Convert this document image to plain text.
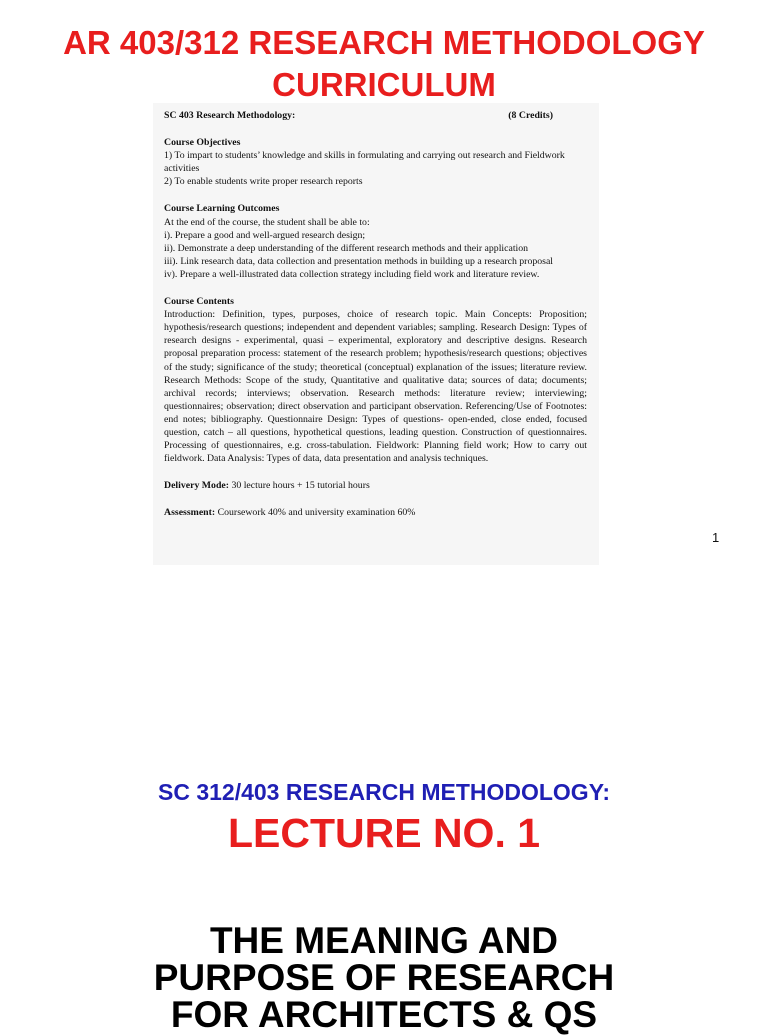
AR 403/312 RESEARCH METHODOLOGY
CURRICULUM

SC 403 Research Methodology:	(8 Credits)

Course Objectives

1) To impart to students’ knowledge and skills in formulating and carrying out research and Fieldwork activities

2) To enable students write proper research reports

Course Learning Outcomes

At the end of the course, the student shall be able to:

i). Prepare a good and well-argued research design;

ii). Demonstrate a deep understanding of the different research methods and their application

iii). Link research data, data collection and presentation methods in building up a research proposal

iv). Prepare a well-illustrated data collection strategy including field work and literature review.

Course Contents

Introduction: Definition, types, purposes, choice of research topic. Main Concepts: Proposition; hypothesis/research questions; independent and dependent variables; sampling. Research Design: Types of research designs - experimental, quasi – experimental, exploratory and descriptive designs. Research proposal preparation process: statement of the research problem; hypothesis/research questions; objectives of the study; significance of the study; theoretical (conceptual) explanation of the issues; literature review. Research Methods: Scope of the study, Quantitative and qualitative data; sources of data; documents; archival records; interviews; observation. Research methods: literature review; interviewing; questionnaires; observation; direct observation and participant observation. Referencing/Use of Footnotes: end notes; bibliography. Questionnaire Design: Types of questions- open-ended, close ended, focused question, catch – all questions, hypothetical questions, leading question. Construction of questionnaires. Processing of questionnaires, e.g. cross-tabulation. Fieldwork: Planning field work; How to carry out fieldwork. Data Analysis: Types of data, data presentation and analysis techniques.

Delivery Mode: 30 lecture hours + 15 tutorial hours

Assessment: Coursework 40% and university examination 60%

1
SC 312/403 RESEARCH METHODOLOGY:
LECTURE NO. 1
THE MEANING AND
PURPOSE OF RESEARCH
FOR ARCHITECTS & QS
